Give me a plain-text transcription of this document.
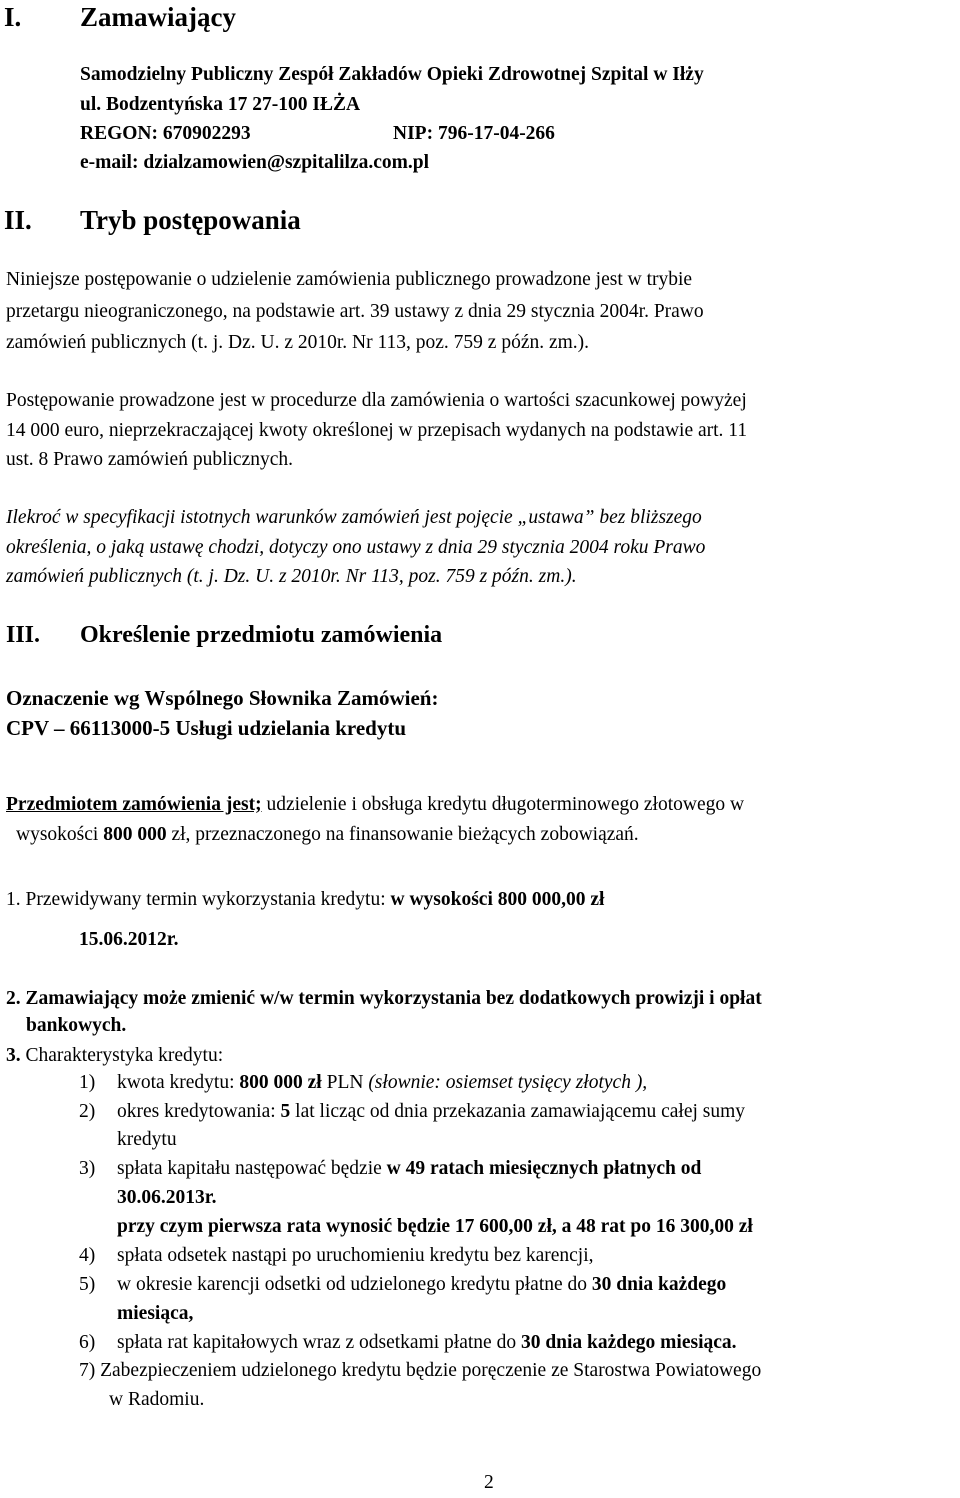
I. Zamawiający
Samodzielny Publiczny Zespół Zakładów Opieki Zdrowotnej Szpital w Iłży
ul. Bodzentyńska 17 27-100 IŁŻA
REGON: 670902293	NIP: 796-17-04-266
e-mail: dzialzamowien@szpitalilza.com.pl
II. Tryb postępowania
Niniejsze postępowanie o udzielenie zamówienia publicznego prowadzone jest w trybie
przetargu nieograniczonego, na podstawie art. 39 ustawy z dnia 29 stycznia 2004r. Prawo
zamówień publicznych (t. j. Dz. U. z 2010r. Nr 113, poz. 759 z późn. zm.).
Postępowanie prowadzone jest w procedurze dla zamówienia o wartości szacunkowej powyżej
14 000 euro, nieprzekraczającej kwoty określonej w przepisach wydanych na podstawie art. 11
ust. 8 Prawo zamówień publicznych.
Ilekroć w specyfikacji istotnych warunków zamówień jest pojęcie „ustawa” bez bliższego
określenia, o jaką ustawę chodzi, dotyczy ono ustawy z dnia 29 stycznia 2004 roku Prawo
zamówień publicznych (t. j. Dz. U. z 2010r. Nr 113, poz. 759 z późn. zm.).
III. Określenie przedmiotu zamówienia
Oznaczenie wg Wspólnego Słownika Zamówień:
CPV – 66113000-5 Usługi udzielania kredytu
Przedmiotem zamówienia jest; udzielenie i obsługa kredytu długoterminowego złotowego w
wysokości 800 000 zł, przeznaczonego na finansowanie bieżących zobowiązań.
1. Przewidywany termin wykorzystania kredytu: w wysokości 800 000,00 zł
15.06.2012r.
2. Zamawiający może zmienić w/w termin wykorzystania bez dodatkowych prowizji i opłat
bankowych.
3. Charakterystyka kredytu:
1) kwota kredytu: 800 000 zł PLN (słownie: osiemset tysięcy złotych ),
2) okres kredytowania: 5 lat licząc od dnia przekazania zamawiającemu całej sumy
kredytu
3) spłata kapitału następować będzie w 49 ratach miesięcznych płatnych od
30.06.2013r.
przy czym pierwsza rata wynosić będzie 17 600,00 zł, a 48 rat po 16 300,00 zł
4) spłata odsetek nastąpi po uruchomieniu kredytu bez karencji,
5) w okresie karencji odsetki od udzielonego kredytu płatne do 30 dnia każdego
miesiąca,
6) spłata rat kapitałowych wraz z odsetkami płatne do 30 dnia każdego miesiąca.
7) Zabezpieczeniem udzielonego kredytu będzie poręczenie ze Starostwa Powiatowego
w Radomiu.
2
